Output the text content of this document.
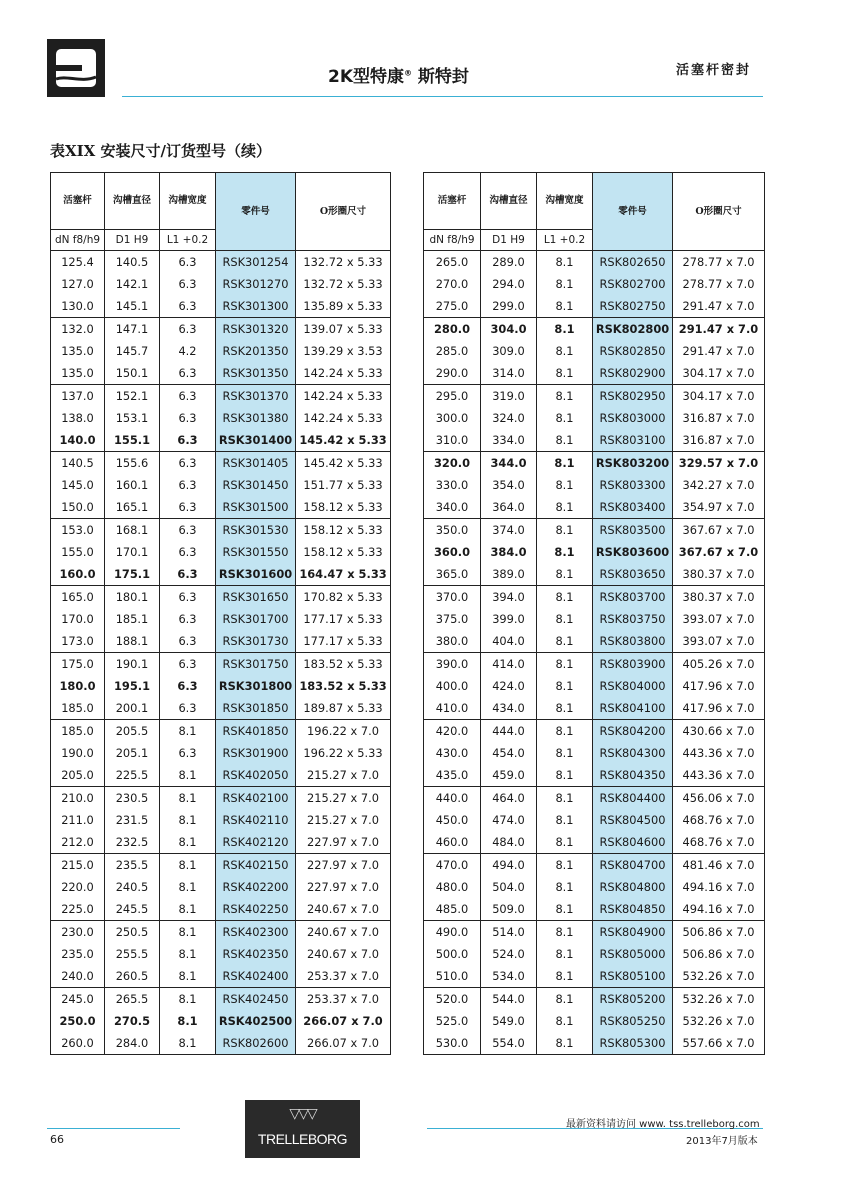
2K型特康® 斯特封	活塞杆密封
表XIX 安装尺寸/订货型号（续）
活塞杆	沟槽直径	沟槽宽度	零件号	O形圈尺寸
dN f8/h9	D1 H9	L1 +0.2		
125.4	140.5	6.3	RSK301254	132.72 x 5.33
127.0	142.1	6.3	RSK301270	132.72 x 5.33
130.0	145.1	6.3	RSK301300	135.89 x 5.33
132.0	147.1	6.3	RSK301320	139.07 x 5.33
135.0	145.7	4.2	RSK201350	139.29 x 3.53
135.0	150.1	6.3	RSK301350	142.24 x 5.33
137.0	152.1	6.3	RSK301370	142.24 x 5.33
138.0	153.1	6.3	RSK301380	142.24 x 5.33
140.0	155.1	6.3	RSK301400	145.42 x 5.33
140.5	155.6	6.3	RSK301405	145.42 x 5.33
145.0	160.1	6.3	RSK301450	151.77 x 5.33
150.0	165.1	6.3	RSK301500	158.12 x 5.33
153.0	168.1	6.3	RSK301530	158.12 x 5.33
155.0	170.1	6.3	RSK301550	158.12 x 5.33
160.0	175.1	6.3	RSK301600	164.47 x 5.33
165.0	180.1	6.3	RSK301650	170.82 x 5.33
170.0	185.1	6.3	RSK301700	177.17 x 5.33
173.0	188.1	6.3	RSK301730	177.17 x 5.33
175.0	190.1	6.3	RSK301750	183.52 x 5.33
180.0	195.1	6.3	RSK301800	183.52 x 5.33
185.0	200.1	6.3	RSK301850	189.87 x 5.33
185.0	205.5	8.1	RSK401850	196.22 x 7.0
190.0	205.1	6.3	RSK301900	196.22 x 5.33
205.0	225.5	8.1	RSK402050	215.27 x 7.0
210.0	230.5	8.1	RSK402100	215.27 x 7.0
211.0	231.5	8.1	RSK402110	215.27 x 7.0
212.0	232.5	8.1	RSK402120	227.97 x 7.0
215.0	235.5	8.1	RSK402150	227.97 x 7.0
220.0	240.5	8.1	RSK402200	227.97 x 7.0
225.0	245.5	8.1	RSK402250	240.67 x 7.0
230.0	250.5	8.1	RSK402300	240.67 x 7.0
235.0	255.5	8.1	RSK402350	240.67 x 7.0
240.0	260.5	8.1	RSK402400	253.37 x 7.0
245.0	265.5	8.1	RSK402450	253.37 x 7.0
250.0	270.5	8.1	RSK402500	266.07 x 7.0
260.0	284.0	8.1	RSK802600	266.07 x 7.0
活塞杆	沟槽直径	沟槽宽度	零件号	O形圈尺寸
dN f8/h9	D1 H9	L1 +0.2		
265.0	289.0	8.1	RSK802650	278.77 x 7.0
270.0	294.0	8.1	RSK802700	278.77 x 7.0
275.0	299.0	8.1	RSK802750	291.47 x 7.0
280.0	304.0	8.1	RSK802800	291.47 x 7.0
285.0	309.0	8.1	RSK802850	291.47 x 7.0
290.0	314.0	8.1	RSK802900	304.17 x 7.0
295.0	319.0	8.1	RSK802950	304.17 x 7.0
300.0	324.0	8.1	RSK803000	316.87 x 7.0
310.0	334.0	8.1	RSK803100	316.87 x 7.0
320.0	344.0	8.1	RSK803200	329.57 x 7.0
330.0	354.0	8.1	RSK803300	342.27 x 7.0
340.0	364.0	8.1	RSK803400	354.97 x 7.0
350.0	374.0	8.1	RSK803500	367.67 x 7.0
360.0	384.0	8.1	RSK803600	367.67 x 7.0
365.0	389.0	8.1	RSK803650	380.37 x 7.0
370.0	394.0	8.1	RSK803700	380.37 x 7.0
375.0	399.0	8.1	RSK803750	393.07 x 7.0
380.0	404.0	8.1	RSK803800	393.07 x 7.0
390.0	414.0	8.1	RSK803900	405.26 x 7.0
400.0	424.0	8.1	RSK804000	417.96 x 7.0
410.0	434.0	8.1	RSK804100	417.96 x 7.0
420.0	444.0	8.1	RSK804200	430.66 x 7.0
430.0	454.0	8.1	RSK804300	443.36 x 7.0
435.0	459.0	8.1	RSK804350	443.36 x 7.0
440.0	464.0	8.1	RSK804400	456.06 x 7.0
450.0	474.0	8.1	RSK804500	468.76 x 7.0
460.0	484.0	8.1	RSK804600	468.76 x 7.0
470.0	494.0	8.1	RSK804700	481.46 x 7.0
480.0	504.0	8.1	RSK804800	494.16 x 7.0
485.0	509.0	8.1	RSK804850	494.16 x 7.0
490.0	514.0	8.1	RSK804900	506.86 x 7.0
500.0	524.0	8.1	RSK805000	506.86 x 7.0
510.0	534.0	8.1	RSK805100	532.26 x 7.0
520.0	544.0	8.1	RSK805200	532.26 x 7.0
525.0	549.0	8.1	RSK805250	532.26 x 7.0
530.0	554.0	8.1	RSK805300	557.66 x 7.0
66
▽▽▽
TRELLEBORG
最新资料请访问 www. tss.trelleborg.com
2013年7月版本
